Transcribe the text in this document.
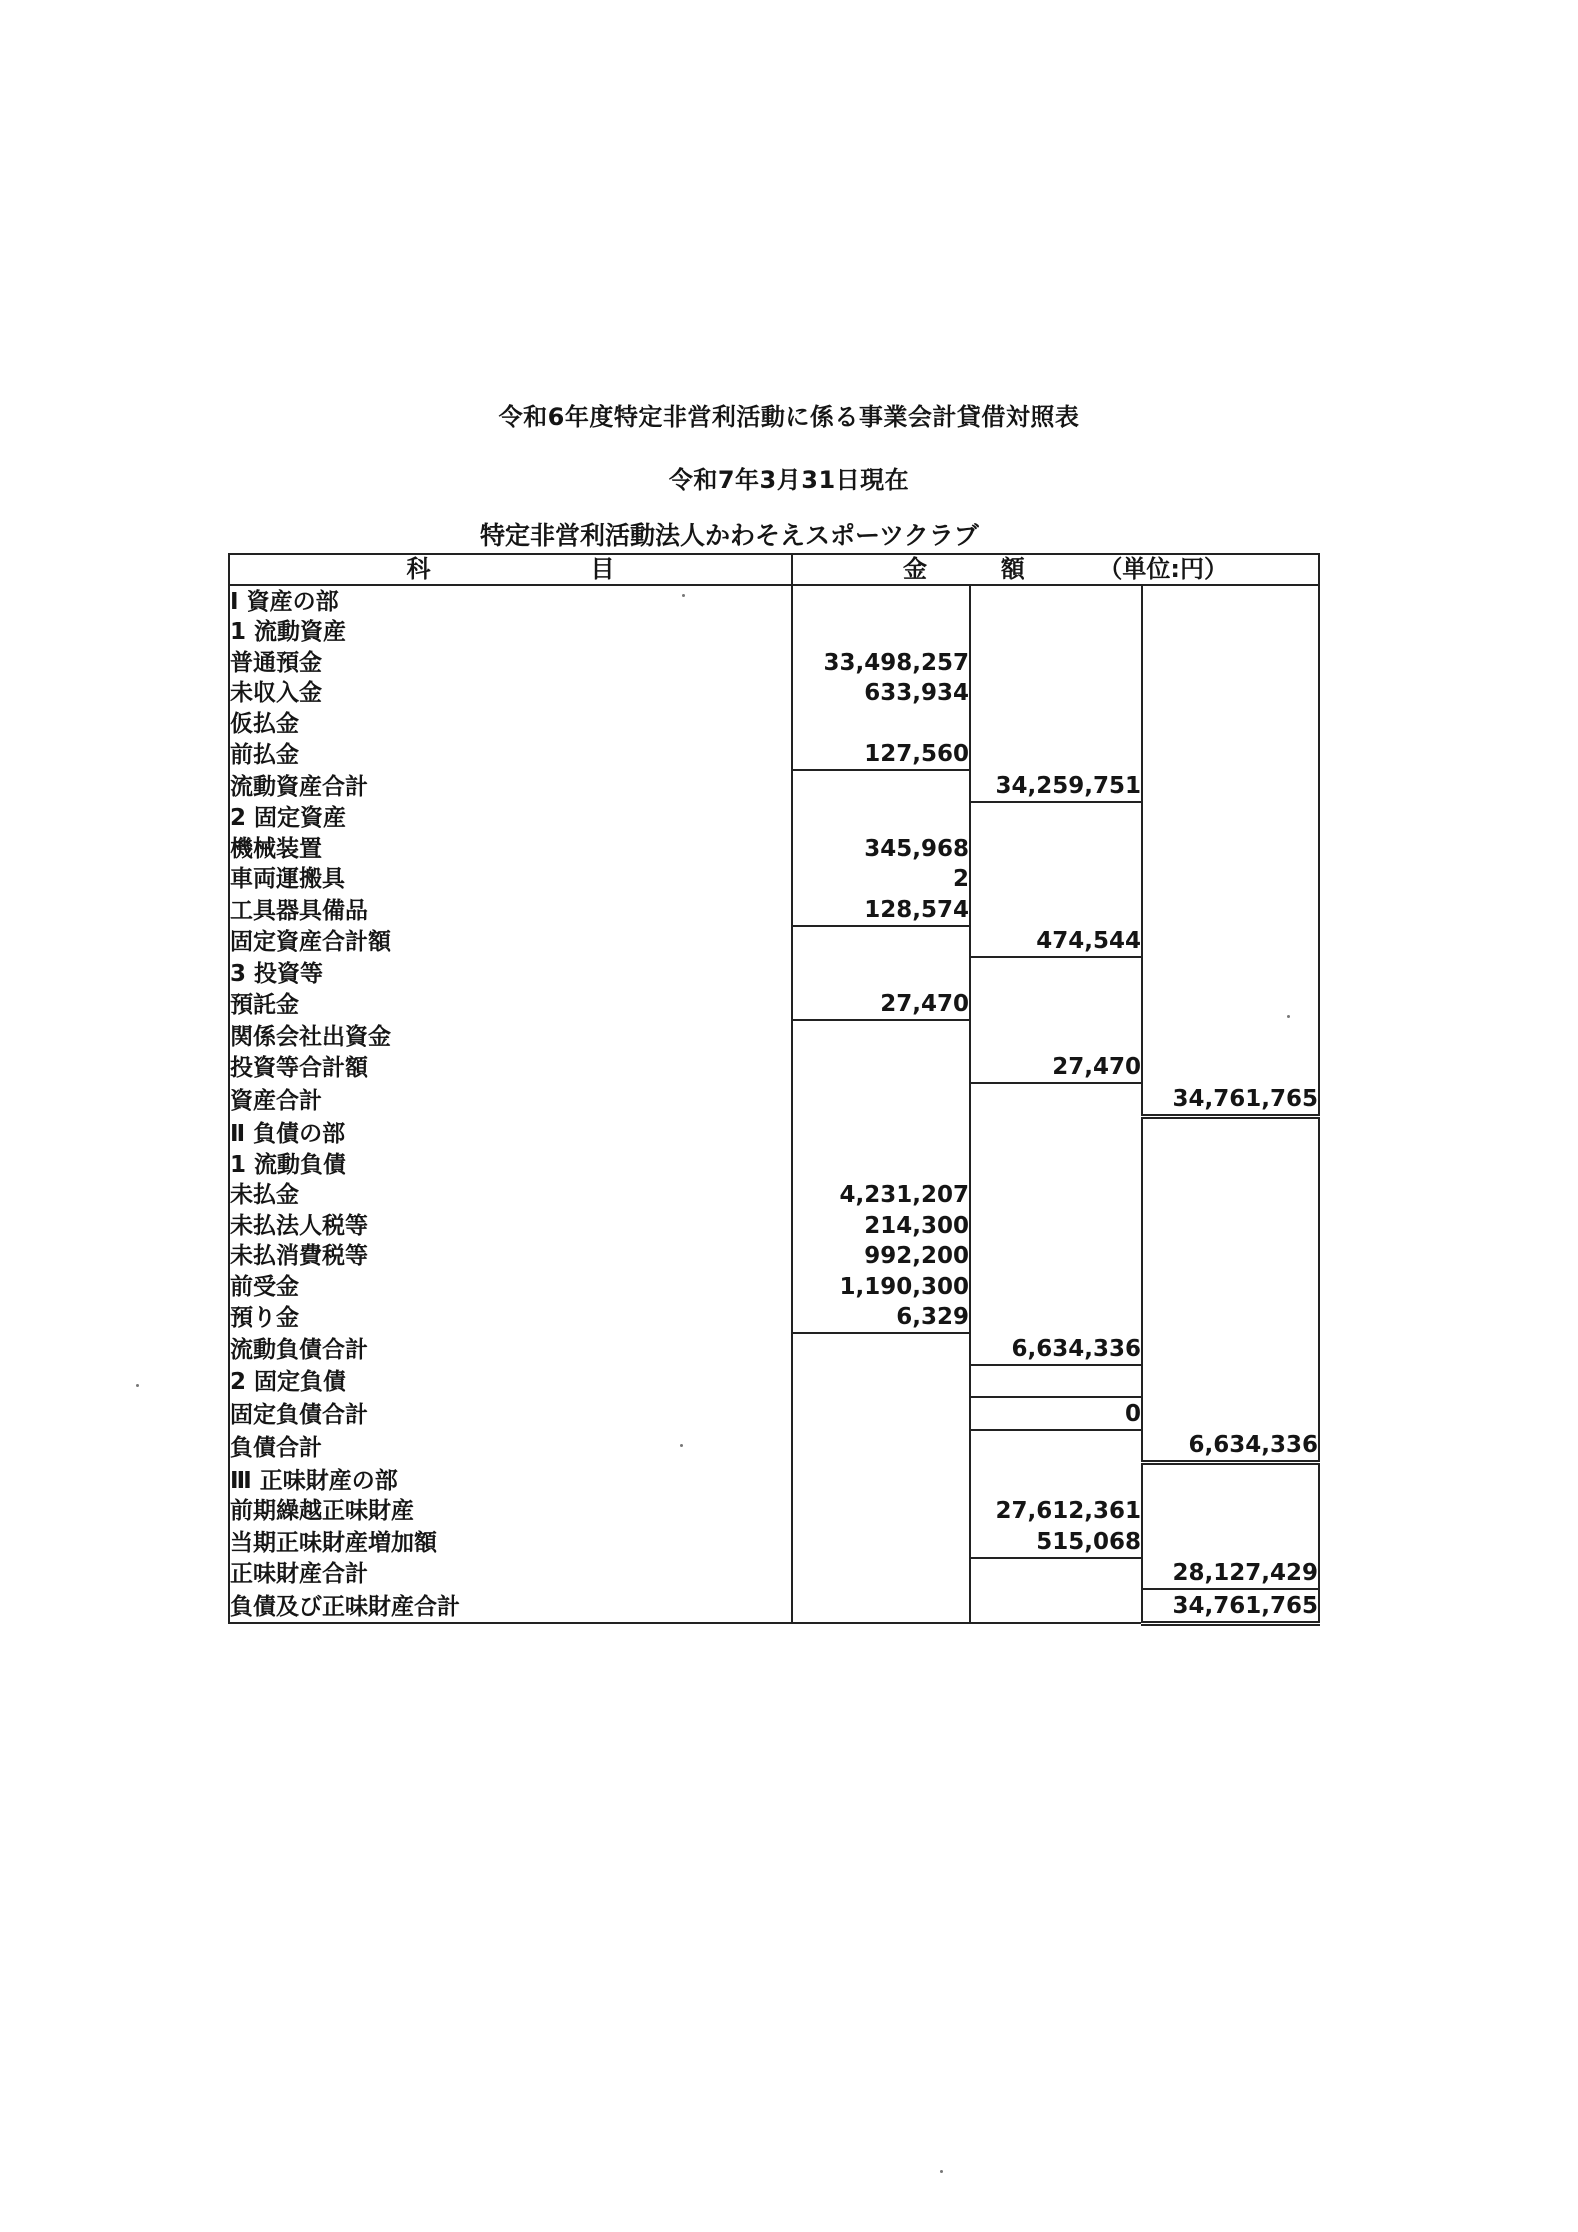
令和6年度特定非営利活動に係る事業会計貸借対照表
令和7年3月31日現在
特定非営利活動法人かわそえスポーツクラブ
科 目	金 額 （単位:円）		

Ⅰ 資産の部			
1 流動資産			
普通預金	33,498,257		
未収入金	633,934		
仮払金			
前払金	127,560		
流動資産合計		34,259,751	
2 固定資産			
機械装置	345,968		
車両運搬具	2		
工具器具備品	128,574		
固定資産合計額		474,544	
3 投資等			
預託金	27,470		
関係会社出資金			
投資等合計額		27,470	
資産合計			34,761,765
Ⅱ 負債の部			
1 流動負債			
未払金	4,231,207		
未払法人税等	214,300		
未払消費税等	992,200		
前受金	1,190,300		
預り金	6,329		
流動負債合計		6,634,336	
2 固定負債			
固定負債合計		0	
負債合計			6,634,336
Ⅲ 正味財産の部			
前期繰越正味財産		27,612,361	
当期正味財産増加額		515,068	
正味財産合計			28,127,429
負債及び正味財産合計			34,761,765
